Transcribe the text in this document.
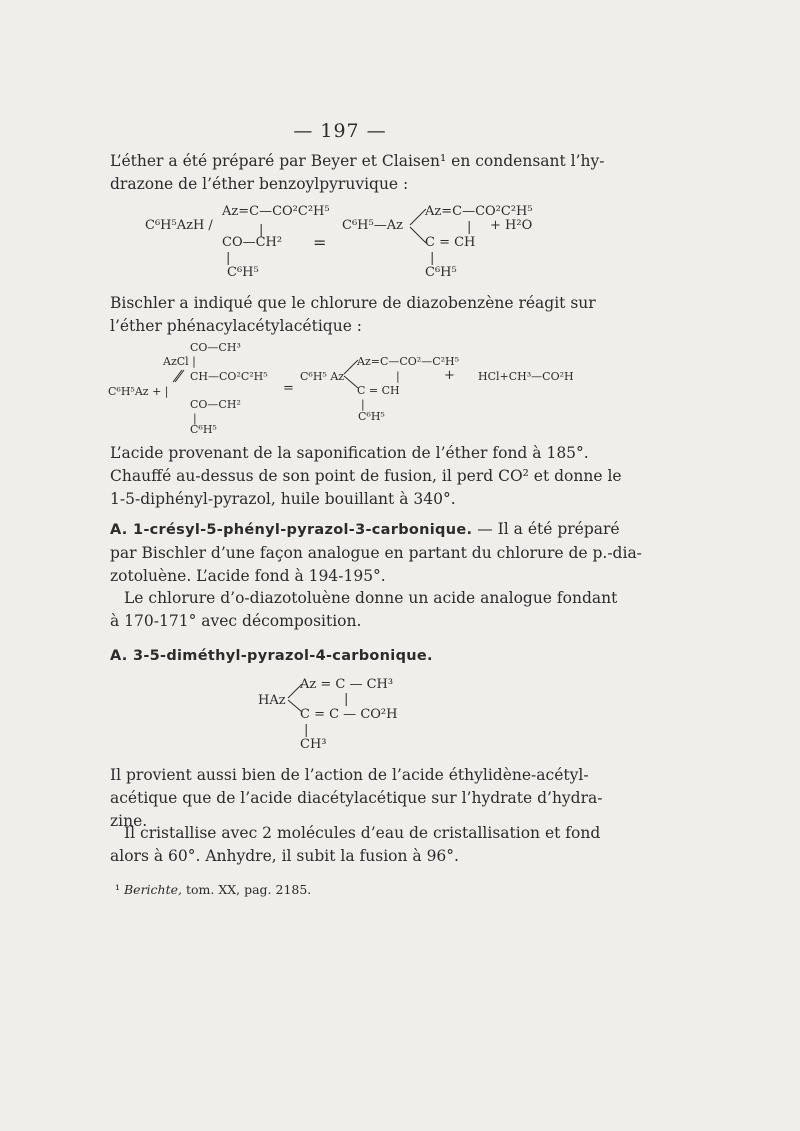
— 197 —
L’éther a été préparé par Beyer et Claisen¹ en condensant l’hy-
drazone de l’éther benzoylpyruvique :
Az=C—CO²C²H⁵
C⁶H⁵AzH /	|
CO—CH²
|
C⁶H⁵
=
C⁶H⁵—Az
Az=C—CO²C²H⁵
|
C = CH
|
C⁶H⁵
+ H²O
Bischler a indiqué que le chlorure de diazobenzène réagit sur
l’éther phénacylacétylacétique :
CO—CH³
AzCl |
CH—CO²C²H⁵
C⁶H⁵Az + |
CO—CH²
|
C⁶H⁵
=
C⁶H⁵ Az
Az=C—CO²—C²H⁵
|
C = CH
|
C⁶H⁵
+ HCl+CH³—CO²H
L’acide provenant de la saponification de l’éther fond à 185°.
Chauffé au-dessus de son point de fusion, il perd CO² et donne le
1-5-diphényl-pyrazol, huile bouillant à 340°.
A. 1-crésyl-5-phényl-pyrazol-3-carbonique. — Il a été préparé
par Bischler d’une façon analogue en partant du chlorure de p.-dia-
zotoluène. L’acide fond à 194-195°.
Le chlorure d’o-diazotoluène donne un acide analogue fondant
à 170-171° avec décomposition.
A. 3-5-diméthyl-pyrazol-4-carbonique.
Az = C — CH³
HAz	|
C = C — CO²H
|
CH³
Il provient aussi bien de l’action de l’acide éthylidène-acétyl-
acétique que de l’acide diacétylacétique sur l’hydrate d’hydra-
zine.
Il cristallise avec 2 molécules d’eau de cristallisation et fond
alors à 60°. Anhydre, il subit la fusion à 96°.
¹ Berichte, tom. XX, pag. 2185.
